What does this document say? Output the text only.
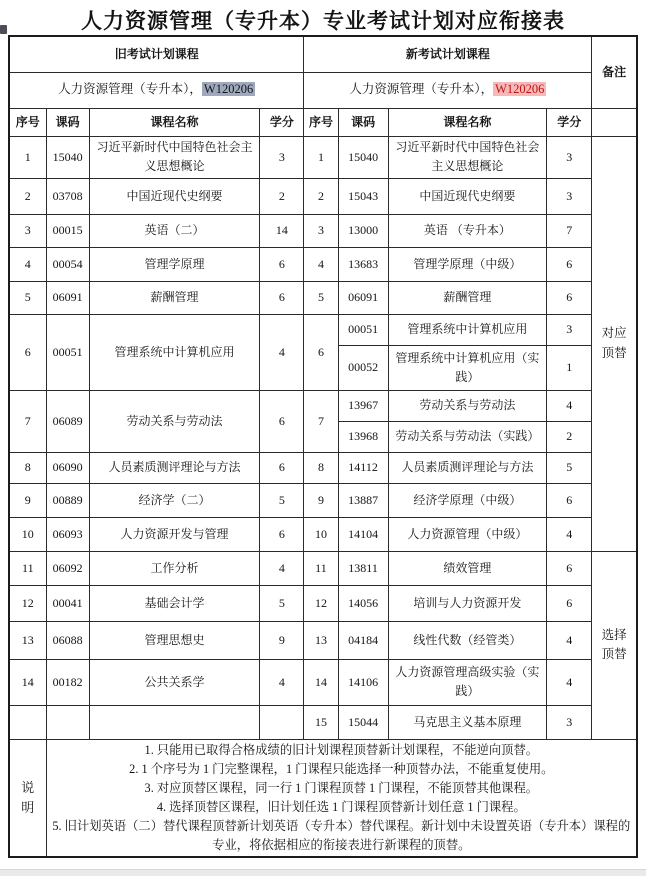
人力资源管理（专升本）专业考试计划对应衔接表
旧考试计划课程				新考试计划课程				备注
人力资源管理（专升本）， W120206				人力资源管理（专升本）， W120206				
序号	课码	课程名称	学分	序号	课码	课程名称	学分	
1	15040	习近平新时代中国特色社会主义思想概论	3	1	15040	习近平新时代中国特色社会主义思想概论	3	对应顶替
2	03708	中国近现代史纲要	2	2	15043	中国近现代史纲要	3	
3	00015	英语（二）	14	3	13000	英语 （专升本）	7	
4	00054	管理学原理	6	4	13683	管理学原理（中级）	6	
5	06091	薪酬管理	6	5	06091	薪酬管理	6	
6	00051	管理系统中计算机应用	4	6	00051	管理系统中计算机应用	3	
					00052	管理系统中计算机应用（实践）	1	
7	06089	劳动关系与劳动法	6	7	13967	劳动关系与劳动法	4	
					13968	劳动关系与劳动法（实践）	2	
8	06090	人员素质测评理论与方法	6	8	14112	人员素质测评理论与方法	5	
9	00889	经济学（二）	5	9	13887	经济学原理（中级）	6	
10	06093	人力资源开发与管理	6	10	14104	人力资源管理（中级）	4	
11	06092	工作分析	4	11	13811	绩效管理	6	选择顶替
12	00041	基础会计学	5	12	14056	培训与人力资源开发	6	
13	06088	管理思想史	9	13	04184	线性代数（经管类）	4	
14	00182	公共关系学	4	14	14106	人力资源管理高级实验（实践）	4	
				15	15044	马克思主义基本原理	3	
说明	1. 只能用已取得合格成绩的旧计划课程顶替新计划课程，不能逆向顶替。
2. 1 个序号为 1 门完整课程，1 门课程只能选择一种顶替办法，不能重复使用。
3. 对应顶替区课程，同一行 1 门课程顶替 1 门课程，不能顶替其他课程。
4. 选择顶替区课程，旧计划任选 1 门课程顶替新计划任意 1 门课程。
5. 旧计划英语（二）替代课程顶替新计划英语（专升本）替代课程。新计划中未设置英语（专升本）课程的专业，将依据相应的衔接表进行新课程的顶替。							
